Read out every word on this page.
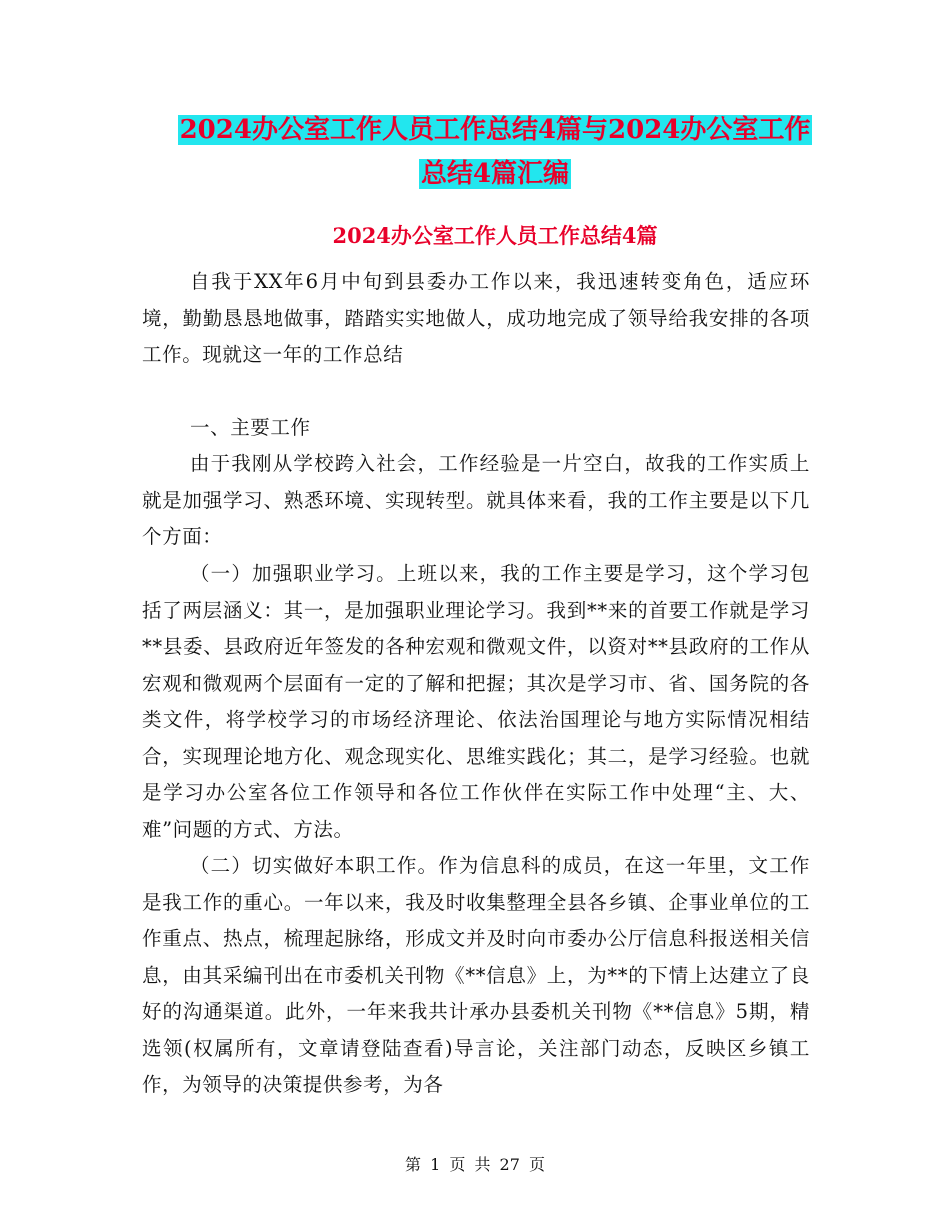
2024办公室工作人员工作总结4篇与2024办公室工作
总结4篇汇编
2024办公室工作人员工作总结4篇

自我于XX年6月中旬到县委办工作以来，我迅速转变角色，适应环境，勤勤恳恳地做事，踏踏实实地做人，成功地完成了领导给我安排的各项工作。现就这一年的工作总结

一、主要工作

由于我刚从学校跨入社会，工作经验是一片空白，故我的工作实质上就是加强学习、熟悉环境、实现转型。就具体来看，我的工作主要是以下几个方面：

（一）加强职业学习。上班以来，我的工作主要是学习，这个学习包括了两层涵义：其一，是加强职业理论学习。我到**来的首要工作就是学习**县委、县政府近年签发的各种宏观和微观文件，以资对**县政府的工作从宏观和微观两个层面有一定的了解和把握；其次是学习市、省、国务院的各类文件，将学校学习的市场经济理论、依法治国理论与地方实际情况相结合，实现理论地方化、观念现实化、思维实践化；其二，是学习经验。也就是学习办公室各位工作领导和各位工作伙伴在实际工作中处理“主、大、难”问题的方式、方法。

（二）切实做好本职工作。作为信息科的成员，在这一年里，文工作是我工作的重心。一年以来，我及时收集整理全县各乡镇、企事业单位的工作重点、热点，梳理起脉络，形成文并及时向市委办公厅信息科报送相关信息，由其采编刊出在市委机关刊物《**信息》上，为**的下情上达建立了良好的沟通渠道。此外，一年来我共计承办县委机关刊物《**信息》5期，精选领(权属所有，文章请登陆查看)导言论，关注部门动态，反映区乡镇工作，为领导的决策提供参考，为各

第 1 页 共 27 页
